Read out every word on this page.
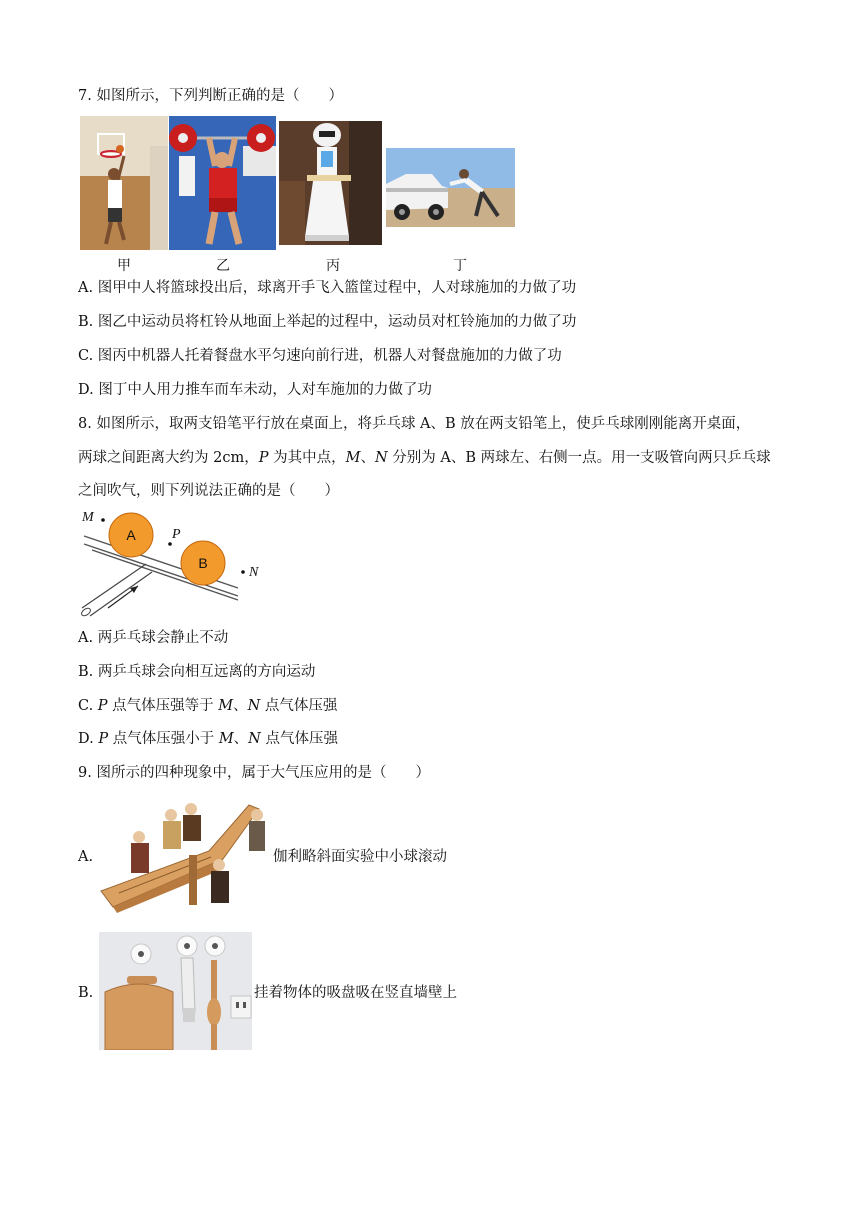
7. 如图所示，下列判断正确的是（　　）
甲	乙	丙	丁
A. 图甲中人将篮球投出后，球离开手飞入篮筐过程中，人对球施加的力做了功
B. 图乙中运动员将杠铃从地面上举起的过程中，运动员对杠铃施加的力做了功
C. 图丙中机器人托着餐盘水平匀速向前行进，机器人对餐盘施加的力做了功
D. 图丁中人用力推车而车未动，人对车施加的力做了功
8. 如图所示，取两支铅笔平行放在桌面上，将乒乓球 A、B 放在两支铅笔上，使乒乓球刚刚能离开桌面，
两球之间距离大约为 2cm，P 为其中点，M、N 分别为 A、B 两球左、右侧一点。用一支吸管向两只乒乓球
之间吹气，则下列说法正确的是（　　）
A
B
M
P
N
A. 两乒乓球会静止不动
B. 两乒乓球会向相互远离的方向运动
C. P 点气体压强等于 M、N 点气体压强
D. P 点气体压强小于 M、N 点气体压强
9. 图所示的四种现象中，属于大气压应用的是（　　）
A.	伽利略斜面实验中小球滚动
B.	挂着物体的吸盘吸在竖直墙壁上
